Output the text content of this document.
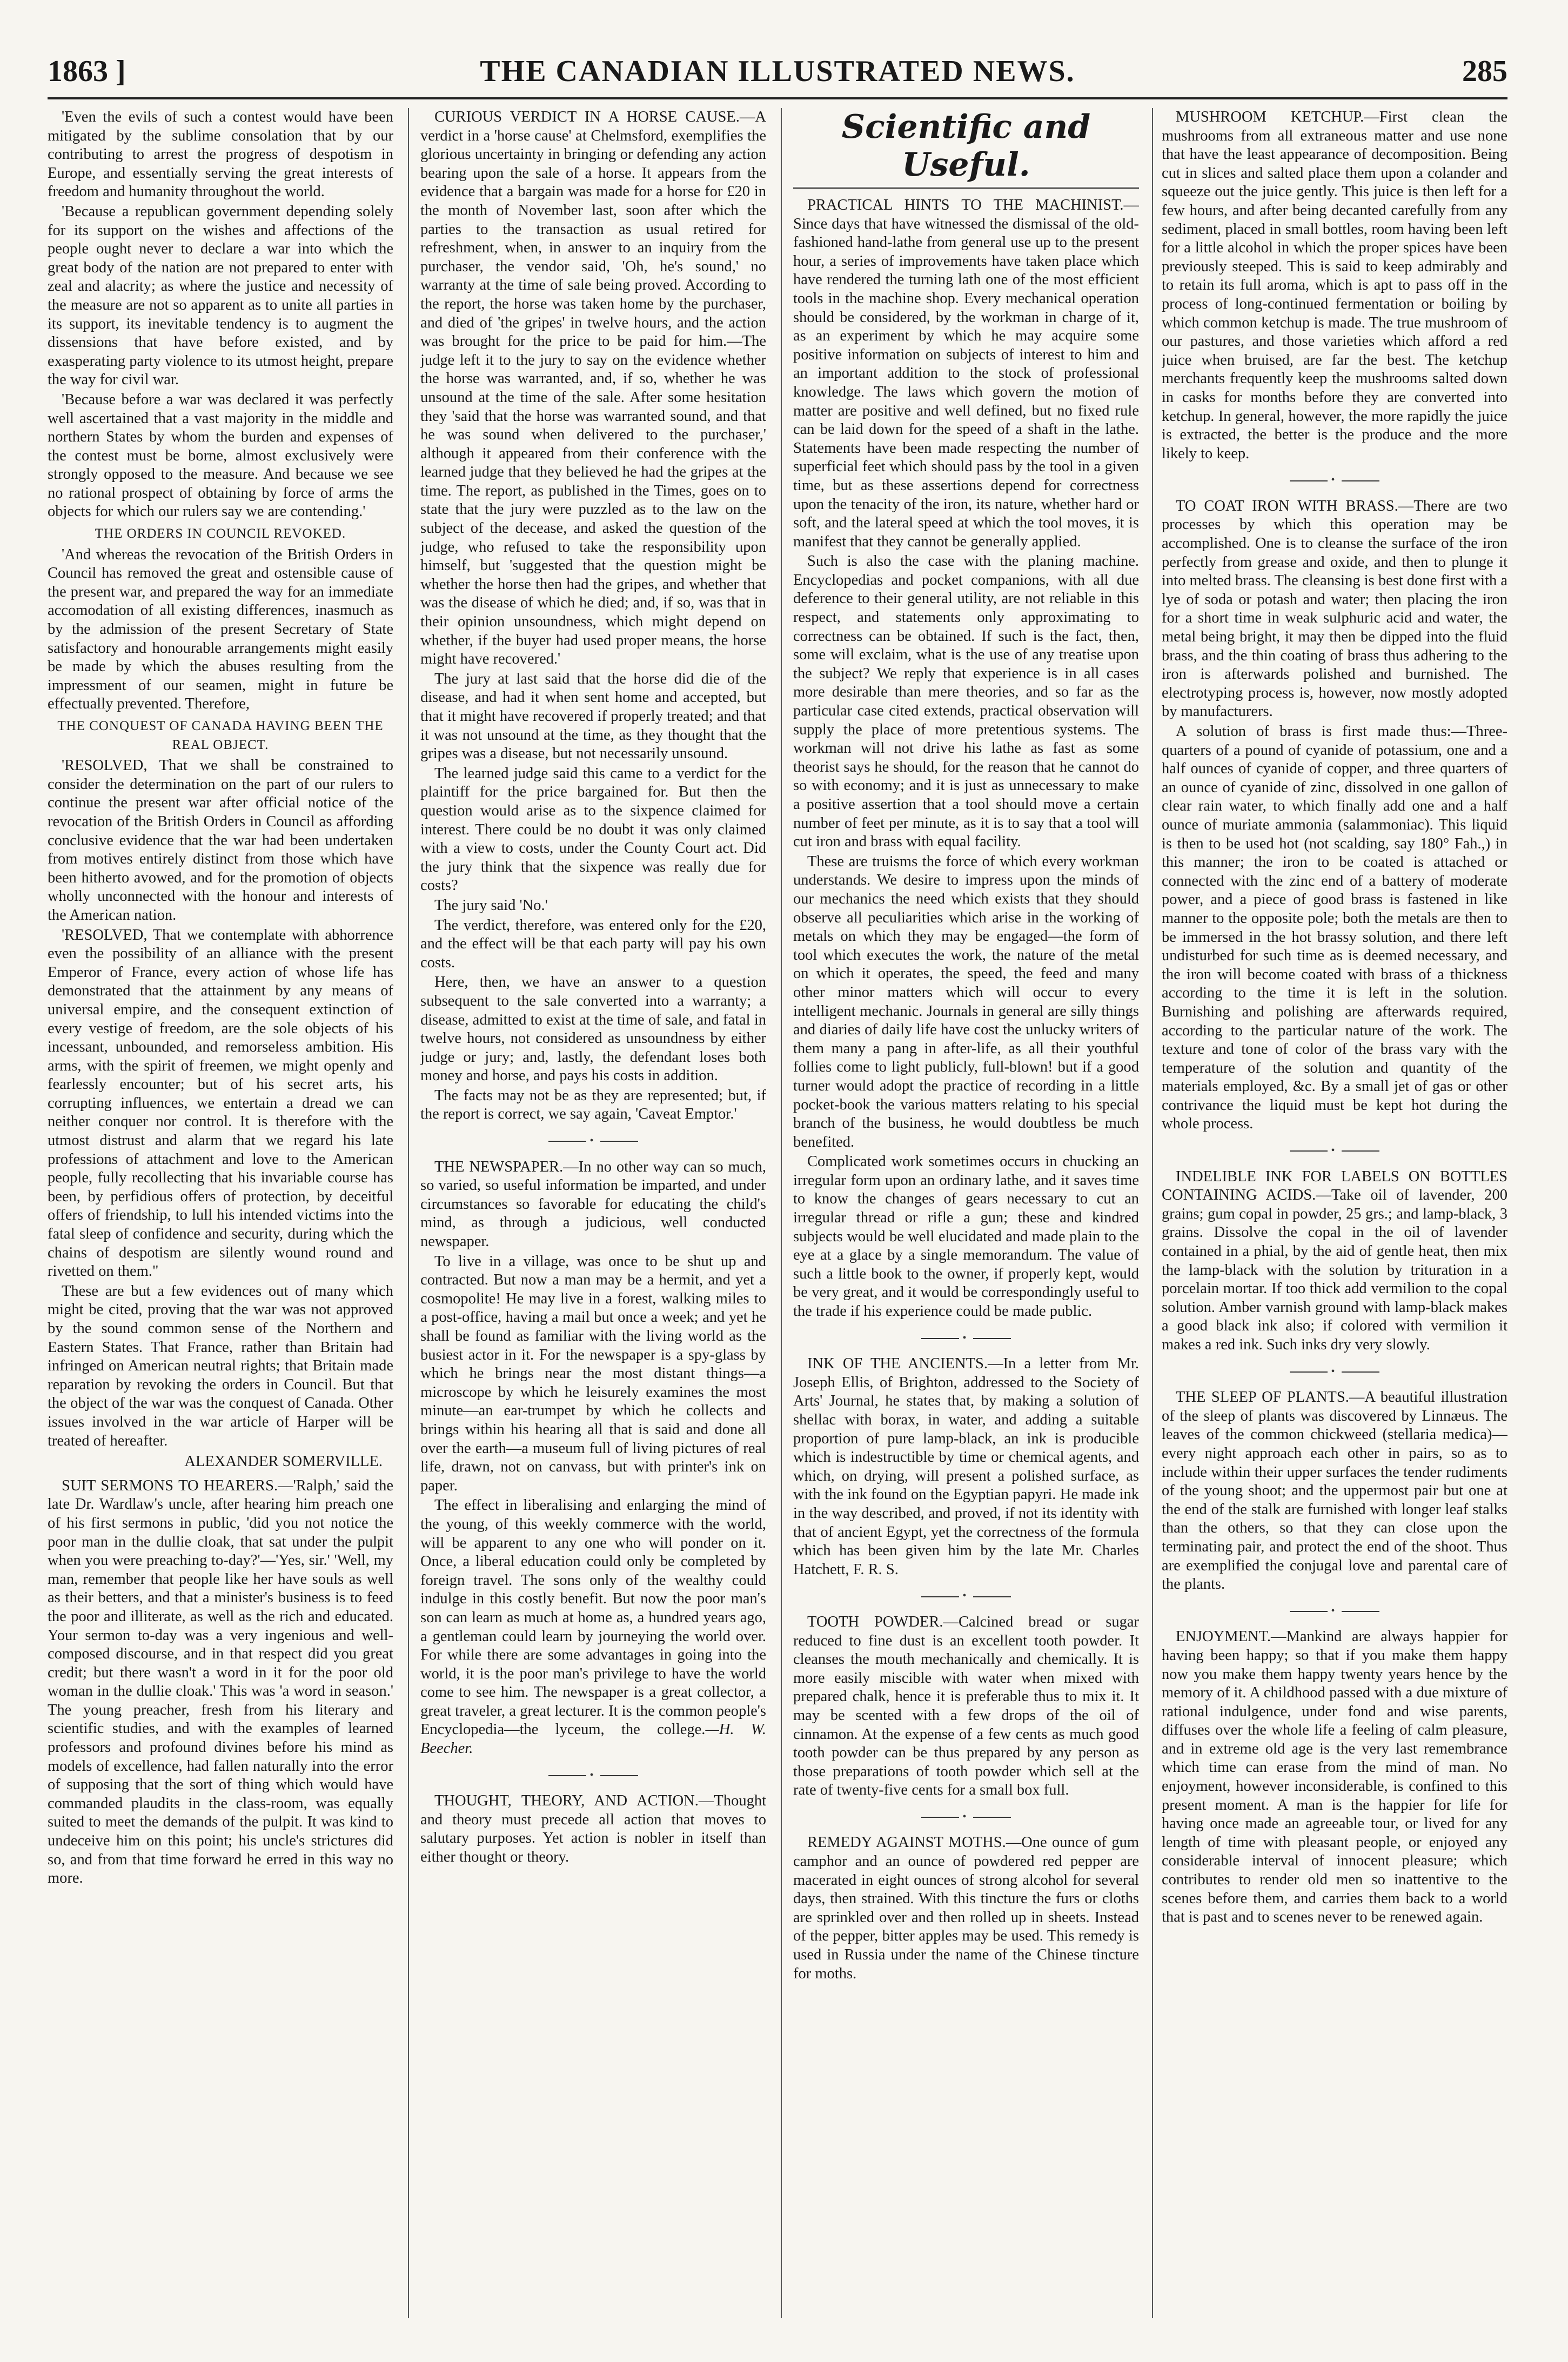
1863 ]	THE CANADIAN ILLUSTRATED NEWS.	285

'Even the evils of such a contest would have been mitigated by the sublime consolation that by our contributing to arrest the progress of despotism in Europe, and essentially serving the great interests of freedom and humanity throughout the world.

'Because a republican government depending solely for its support on the wishes and affections of the people ought never to declare a war into which the great body of the nation are not prepared to enter with zeal and alacrity; as where the justice and necessity of the measure are not so apparent as to unite all parties in its support, its inevitable tendency is to augment the dissensions that have before existed, and by exasperating party violence to its utmost height, prepare the way for civil war.

'Because before a war was declared it was perfectly well ascertained that a vast majority in the middle and northern States by whom the burden and expenses of the contest must be borne, almost exclusively were strongly opposed to the measure. And because we see no rational prospect of obtaining by force of arms the objects for which our rulers say we are contending.'

THE ORDERS IN COUNCIL REVOKED.

'And whereas the revocation of the British Orders in Council has removed the great and ostensible cause of the present war, and prepared the way for an immediate accomodation of all existing differences, inasmuch as by the admission of the present Secretary of State satisfactory and honourable arrangements might easily be made by which the abuses resulting from the impressment of our seamen, might in future be effectually prevented. Therefore,

THE CONQUEST OF CANADA HAVING BEEN THE REAL OBJECT.

'RESOLVED, That we shall be constrained to consider the determination on the part of our rulers to continue the present war after official notice of the revocation of the British Orders in Council as affording conclusive evidence that the war had been undertaken from motives entirely distinct from those which have been hitherto avowed, and for the promotion of objects wholly unconnected with the honour and interests of the American nation.

'RESOLVED, That we contemplate with abhorrence even the possibility of an alliance with the present Emperor of France, every action of whose life has demonstrated that the attainment by any means of universal empire, and the consequent extinction of every vestige of freedom, are the sole objects of his incessant, unbounded, and remorseless ambition. His arms, with the spirit of freemen, we might openly and fearlessly encounter; but of his secret arts, his corrupting influences, we entertain a dread we can neither conquer nor control. It is therefore with the utmost distrust and alarm that we regard his late professions of attachment and love to the American people, fully recollecting that his invariable course has been, by perfidious offers of protection, by deceitful offers of friendship, to lull his intended victims into the fatal sleep of confidence and security, during which the chains of despotism are silently wound round and rivetted on them."

These are but a few evidences out of many which might be cited, proving that the war was not approved by the sound common sense of the Northern and Eastern States. That France, rather than Britain had infringed on American neutral rights; that Britain made reparation by revoking the orders in Council. But that the object of the war was the conquest of Canada. Other issues involved in the war article of Harper will be treated of hereafter.

ALEXANDER SOMERVILLE.

SUIT SERMONS TO HEARERS.—'Ralph,' said the late Dr. Wardlaw's uncle, after hearing him preach one of his first sermons in public, 'did you not notice the poor man in the dullie cloak, that sat under the pulpit when you were preaching to-day?'—'Yes, sir.' 'Well, my man, remember that people like her have souls as well as their betters, and that a minister's business is to feed the poor and illiterate, as well as the rich and educated. Your sermon to-day was a very ingenious and well-composed discourse, and in that respect did you great credit; but there wasn't a word in it for the poor old woman in the dullie cloak.' This was 'a word in season.' The young preacher, fresh from his literary and scientific studies, and with the examples of learned professors and profound divines before his mind as models of excellence, had fallen naturally into the error of supposing that the sort of thing which would have commanded plaudits in the class-room, was equally suited to meet the demands of the pulpit. It was kind to undeceive him on this point; his uncle's strictures did so, and from that time forward he erred in this way no more.

CURIOUS VERDICT IN A HORSE CAUSE.—A verdict in a 'horse cause' at Chelmsford, exemplifies the glorious uncertainty in bringing or defending any action bearing upon the sale of a horse. It appears from the evidence that a bargain was made for a horse for £20 in the month of November last, soon after which the parties to the transaction as usual retired for refreshment, when, in answer to an inquiry from the purchaser, the vendor said, 'Oh, he's sound,' no warranty at the time of sale being proved. According to the report, the horse was taken home by the purchaser, and died of 'the gripes' in twelve hours, and the action was brought for the price to be paid for him.—The judge left it to the jury to say on the evidence whether the horse was warranted, and, if so, whether he was unsound at the time of the sale. After some hesitation they 'said that the horse was warranted sound, and that he was sound when delivered to the purchaser,' although it appeared from their conference with the learned judge that they believed he had the gripes at the time. The report, as published in the Times, goes on to state that the jury were puzzled as to the law on the subject of the decease, and asked the question of the judge, who refused to take the responsibility upon himself, but 'suggested that the question might be whether the horse then had the gripes, and whether that was the disease of which he died; and, if so, was that in their opinion unsoundness, which might depend on whether, if the buyer had used proper means, the horse might have recovered.'

The jury at last said that the horse did die of the disease, and had it when sent home and accepted, but that it might have recovered if properly treated; and that it was not unsound at the time, as they thought that the gripes was a disease, but not necessarily unsound.

The learned judge said this came to a verdict for the plaintiff for the price bargained for. But then the question would arise as to the sixpence claimed for interest. There could be no doubt it was only claimed with a view to costs, under the County Court act. Did the jury think that the sixpence was really due for costs?

The jury said 'No.'

The verdict, therefore, was entered only for the £20, and the effect will be that each party will pay his own costs.

Here, then, we have an answer to a question subsequent to the sale converted into a warranty; a disease, admitted to exist at the time of sale, and fatal in twelve hours, not considered as unsoundness by either judge or jury; and, lastly, the defendant loses both money and horse, and pays his costs in addition.

The facts may not be as they are represented; but, if the report is correct, we say again, 'Caveat Emptor.'

•

THE NEWSPAPER.—In no other way can so much, so varied, so useful information be imparted, and under circumstances so favorable for educating the child's mind, as through a judicious, well conducted newspaper.

To live in a village, was once to be shut up and contracted. But now a man may be a hermit, and yet a cosmopolite! He may live in a forest, walking miles to a post-office, having a mail but once a week; and yet he shall be found as familiar with the living world as the busiest actor in it. For the newspaper is a spy-glass by which he brings near the most distant things—a microscope by which he leisurely examines the most minute—an ear-trumpet by which he collects and brings within his hearing all that is said and done all over the earth—a museum full of living pictures of real life, drawn, not on canvass, but with printer's ink on paper.

The effect in liberalising and enlarging the mind of the young, of this weekly commerce with the world, will be apparent to any one who will ponder on it. Once, a liberal education could only be completed by foreign travel. The sons only of the wealthy could indulge in this costly benefit. But now the poor man's son can learn as much at home as, a hundred years ago, a gentleman could learn by journeying the world over. For while there are some advantages in going into the world, it is the poor man's privilege to have the world come to see him. The newspaper is a great collector, a great traveler, a great lecturer. It is the common people's Encyclopedia—the lyceum, the college.—H. W. Beecher.

•

THOUGHT, THEORY, AND ACTION.—Thought and theory must precede all action that moves to salutary purposes. Yet action is nobler in itself than either thought or theory.

Scientific and Useful.

PRACTICAL HINTS TO THE MACHINIST.—Since days that have witnessed the dismissal of the old-fashioned hand-lathe from general use up to the present hour, a series of improvements have taken place which have rendered the turning lath one of the most efficient tools in the machine shop. Every mechanical operation should be considered, by the workman in charge of it, as an experiment by which he may acquire some positive information on subjects of interest to him and an important addition to the stock of professional knowledge. The laws which govern the motion of matter are positive and well defined, but no fixed rule can be laid down for the speed of a shaft in the lathe. Statements have been made respecting the number of superficial feet which should pass by the tool in a given time, but as these assertions depend for correctness upon the tenacity of the iron, its nature, whether hard or soft, and the lateral speed at which the tool moves, it is manifest that they cannot be generally applied.

Such is also the case with the planing machine. Encyclopedias and pocket companions, with all due deference to their general utility, are not reliable in this respect, and statements only approximating to correctness can be obtained. If such is the fact, then, some will exclaim, what is the use of any treatise upon the subject? We reply that experience is in all cases more desirable than mere theories, and so far as the particular case cited extends, practical observation will supply the place of more pretentious systems. The workman will not drive his lathe as fast as some theorist says he should, for the reason that he cannot do so with economy; and it is just as unnecessary to make a positive assertion that a tool should move a certain number of feet per minute, as it is to say that a tool will cut iron and brass with equal facility.

These are truisms the force of which every workman understands. We desire to impress upon the minds of our mechanics the need which exists that they should observe all peculiarities which arise in the working of metals on which they may be engaged—the form of tool which executes the work, the nature of the metal on which it operates, the speed, the feed and many other minor matters which will occur to every intelligent mechanic. Journals in general are silly things and diaries of daily life have cost the unlucky writers of them many a pang in after-life, as all their youthful follies come to light publicly, full-blown! but if a good turner would adopt the practice of recording in a little pocket-book the various matters relating to his special branch of the business, he would doubtless be much benefited.

Complicated work sometimes occurs in chucking an irregular form upon an ordinary lathe, and it saves time to know the changes of gears necessary to cut an irregular thread or rifle a gun; these and kindred subjects would be well elucidated and made plain to the eye at a glace by a single memorandum. The value of such a little book to the owner, if properly kept, would be very great, and it would be correspondingly useful to the trade if his experience could be made public.

•

INK OF THE ANCIENTS.—In a letter from Mr. Joseph Ellis, of Brighton, addressed to the Society of Arts' Journal, he states that, by making a solution of shellac with borax, in water, and adding a suitable proportion of pure lamp-black, an ink is producible which is indestructible by time or chemical agents, and which, on drying, will present a polished surface, as with the ink found on the Egyptian papyri. He made ink in the way described, and proved, if not its identity with that of ancient Egypt, yet the correctness of the formula which has been given him by the late Mr. Charles Hatchett, F. R. S.

•

TOOTH POWDER.—Calcined bread or sugar reduced to fine dust is an excellent tooth powder. It cleanses the mouth mechanically and chemically. It is more easily miscible with water when mixed with prepared chalk, hence it is preferable thus to mix it. It may be scented with a few drops of the oil of cinnamon. At the expense of a few cents as much good tooth powder can be thus prepared by any person as those preparations of tooth powder which sell at the rate of twenty-five cents for a small box full.

•

REMEDY AGAINST MOTHS.—One ounce of gum camphor and an ounce of powdered red pepper are macerated in eight ounces of strong alcohol for several days, then strained. With this tincture the furs or cloths are sprinkled over and then rolled up in sheets. Instead of the pepper, bitter apples may be used. This remedy is used in Russia under the name of the Chinese tincture for moths.

MUSHROOM KETCHUP.—First clean the mushrooms from all extraneous matter and use none that have the least appearance of decomposition. Being cut in slices and salted place them upon a colander and squeeze out the juice gently. This juice is then left for a few hours, and after being decanted carefully from any sediment, placed in small bottles, room having been left for a little alcohol in which the proper spices have been previously steeped. This is said to keep admirably and to retain its full aroma, which is apt to pass off in the process of long-continued fermentation or boiling by which common ketchup is made. The true mushroom of our pastures, and those varieties which afford a red juice when bruised, are far the best. The ketchup merchants frequently keep the mushrooms salted down in casks for months before they are converted into ketchup. In general, however, the more rapidly the juice is extracted, the better is the produce and the more likely to keep.

•

TO COAT IRON WITH BRASS.—There are two processes by which this operation may be accomplished. One is to cleanse the surface of the iron perfectly from grease and oxide, and then to plunge it into melted brass. The cleansing is best done first with a lye of soda or potash and water; then placing the iron for a short time in weak sulphuric acid and water, the metal being bright, it may then be dipped into the fluid brass, and the thin coating of brass thus adhering to the iron is afterwards polished and burnished. The electrotyping process is, however, now mostly adopted by manufacturers.

A solution of brass is first made thus:—Three-quarters of a pound of cyanide of potassium, one and a half ounces of cyanide of copper, and three quarters of an ounce of cyanide of zinc, dissolved in one gallon of clear rain water, to which finally add one and a half ounce of muriate ammonia (salammoniac). This liquid is then to be used hot (not scalding, say 180° Fah.,) in this manner; the iron to be coated is attached or connected with the zinc end of a battery of moderate power, and a piece of good brass is fastened in like manner to the opposite pole; both the metals are then to be immersed in the hot brassy solution, and there left undisturbed for such time as is deemed necessary, and the iron will become coated with brass of a thickness according to the time it is left in the solution. Burnishing and polishing are afterwards required, according to the particular nature of the work. The texture and tone of color of the brass vary with the temperature of the solution and quantity of the materials employed, &c. By a small jet of gas or other contrivance the liquid must be kept hot during the whole process.

•

INDELIBLE INK FOR LABELS ON BOTTLES CONTAINING ACIDS.—Take oil of lavender, 200 grains; gum copal in powder, 25 grs.; and lamp-black, 3 grains. Dissolve the copal in the oil of lavender contained in a phial, by the aid of gentle heat, then mix the lamp-black with the solution by trituration in a porcelain mortar. If too thick add vermilion to the copal solution. Amber varnish ground with lamp-black makes a good black ink also; if colored with vermilion it makes a red ink. Such inks dry very slowly.

•

THE SLEEP OF PLANTS.—A beautiful illustration of the sleep of plants was discovered by Linnæus. The leaves of the common chickweed (stellaria medica)—every night approach each other in pairs, so as to include within their upper surfaces the tender rudiments of the young shoot; and the uppermost pair but one at the end of the stalk are furnished with longer leaf stalks than the others, so that they can close upon the terminating pair, and protect the end of the shoot. Thus are exemplified the conjugal love and parental care of the plants.

•

ENJOYMENT.—Mankind are always happier for having been happy; so that if you make them happy now you make them happy twenty years hence by the memory of it. A childhood passed with a due mixture of rational indulgence, under fond and wise parents, diffuses over the whole life a feeling of calm pleasure, and in extreme old age is the very last remembrance which time can erase from the mind of man. No enjoyment, however inconsiderable, is confined to this present moment. A man is the happier for life for having once made an agreeable tour, or lived for any length of time with pleasant people, or enjoyed any considerable interval of innocent pleasure; which contributes to render old men so inattentive to the scenes before them, and carries them back to a world that is past and to scenes never to be renewed again.
